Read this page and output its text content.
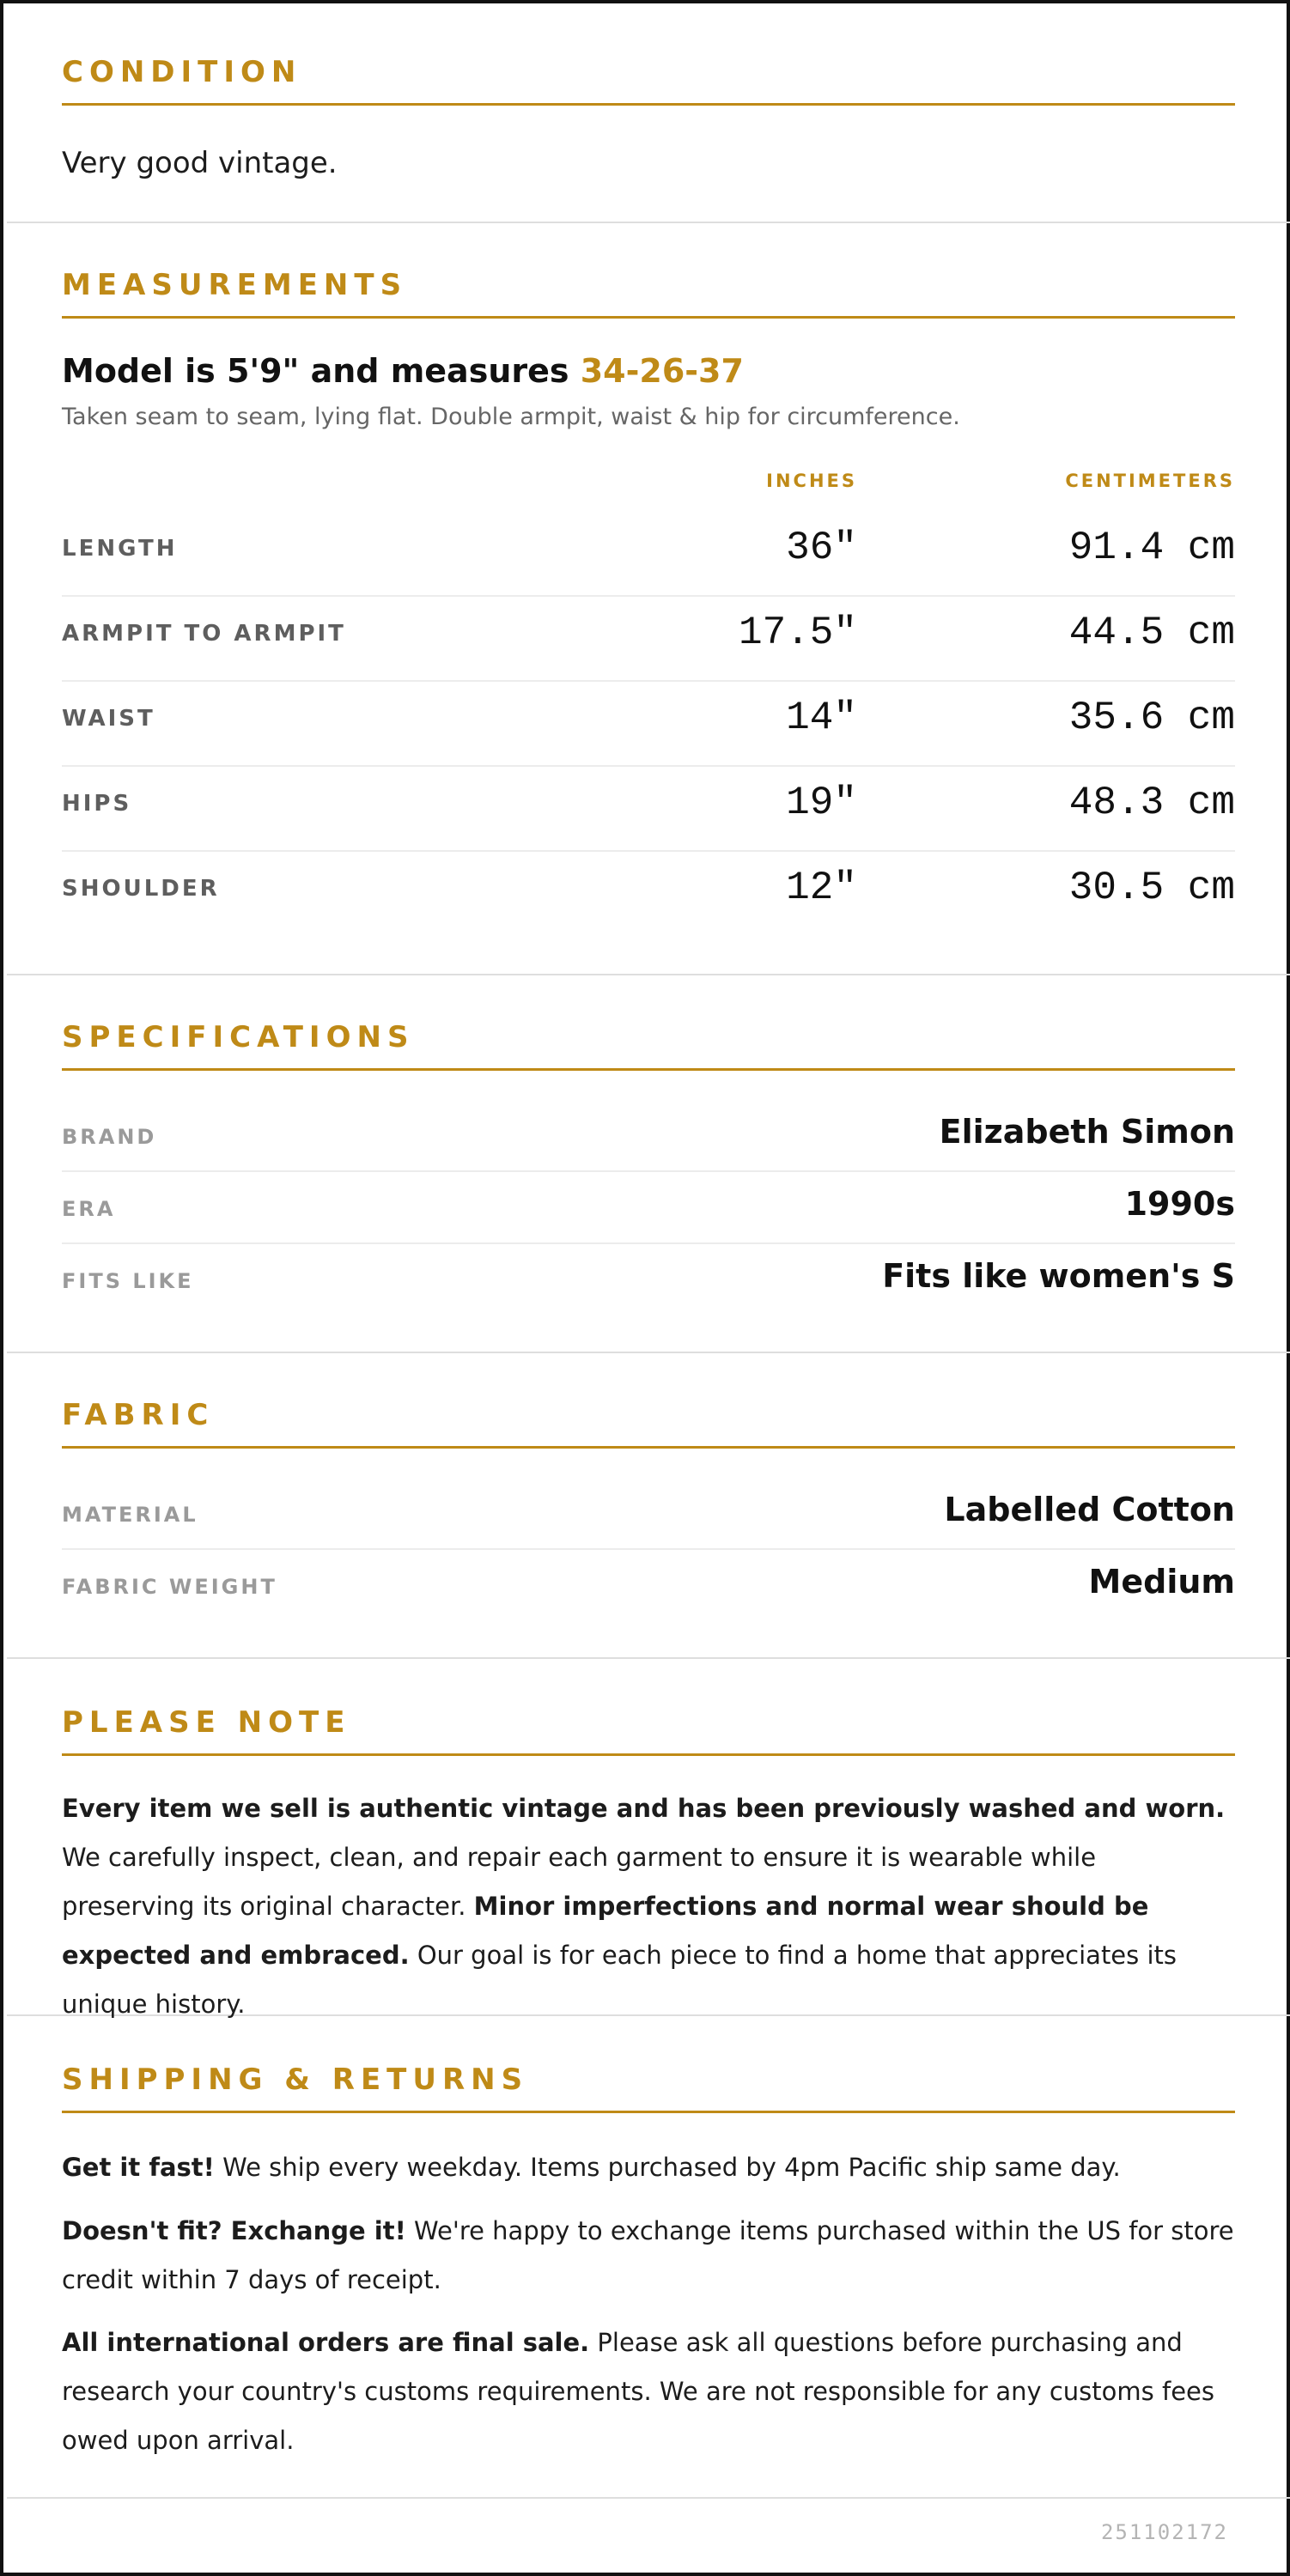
CONDITION
Very good vintage.
MEASUREMENTS
Model is 5'9" and measures 34-26-37
Taken seam to seam, lying flat. Double armpit, waist & hip for circumference.
INCHES	CENTIMETERS
LENGTH	36"	91.4 cm
ARMPIT TO ARMPIT	17.5"	44.5 cm
WAIST	14"	35.6 cm
HIPS	19"	48.3 cm
SHOULDER	12"	30.5 cm
SPECIFICATIONS
BRAND	Elizabeth Simon
ERA	1990s
FITS LIKE	Fits like women's S
FABRIC
MATERIAL	Labelled Cotton
FABRIC WEIGHT	Medium
PLEASE NOTE
Every item we sell is authentic vintage and has been previously washed and worn. We carefully inspect, clean, and repair each garment to ensure it is wearable while preserving its original character. Minor imperfections and normal wear should be expected and embraced. Our goal is for each piece to find a home that appreciates its unique history.
SHIPPING & RETURNS
Get it fast! We ship every weekday. Items purchased by 4pm Pacific ship same day.
Doesn't fit? Exchange it! We're happy to exchange items purchased within the US for store credit within 7 days of receipt.
All international orders are final sale. Please ask all questions before purchasing and research your country's customs requirements. We are not responsible for any customs fees owed upon arrival.
251102172
